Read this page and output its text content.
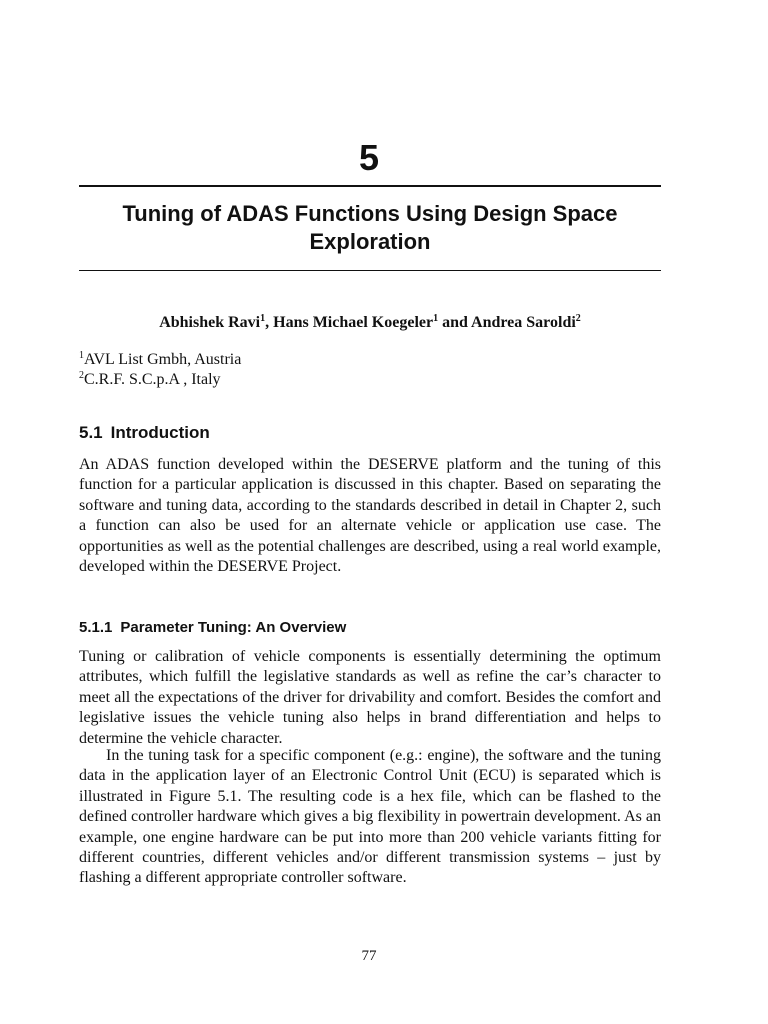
5
Tuning of ADAS Functions Using Design Space Exploration
Abhishek Ravi$^1$, Hans Michael Koegeler$^1$ and Andrea Saroldi$^2$
$^1$AVL List Gmbh, Austria
$^2$C.R.F. S.C.p.A , Italy
5.1 Introduction
An ADAS function developed within the DESERVE platform and the tuning of this function for a particular application is discussed in this chapter. Based on separating the software and tuning data, according to the standards described in detail in Chapter 2, such a function can also be used for an alternate vehicle or application use case. The opportunities as well as the potential challenges are described, using a real world example, developed within the DESERVE Project.
5.1.1 Parameter Tuning: An Overview
Tuning or calibration of vehicle components is essentially determining the optimum attributes, which fulfill the legislative standards as well as refine the car’s character to meet all the expectations of the driver for drivability and comfort. Besides the comfort and legislative issues the vehicle tuning also helps in brand differentiation and helps to determine the vehicle character.
In the tuning task for a specific component (e.g.: engine), the software and the tuning data in the application layer of an Electronic Control Unit (ECU) is separated which is illustrated in Figure 5.1. The resulting code is a hex file, which can be flashed to the defined controller hardware which gives a big flexibility in powertrain development. As an example, one engine hardware can be put into more than 200 vehicle variants fitting for different countries, different vehicles and/or different transmission systems – just by flashing a different appropriate controller software.
77
